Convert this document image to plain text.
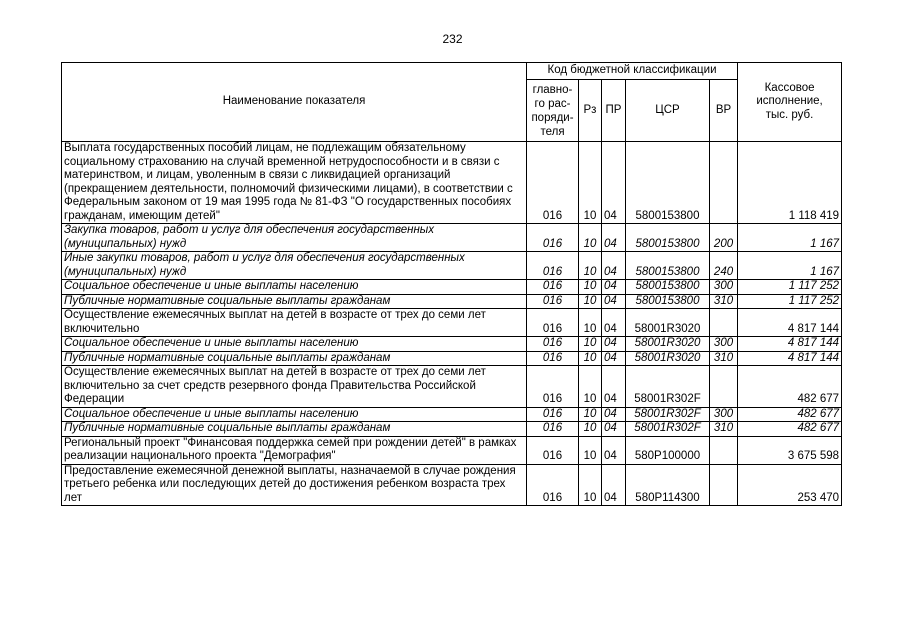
232
Наименование показателя	Код бюджетной классификации					Кассовое исполнение, тыс. руб.
	главно-
го рас-
поряди-
теля	Рз	ПР	ЦСР	ВР	
Выплата государственных пособий лицам, не подлежащим обязательному социальному страхованию на случай временной нетрудоспособности и в связи с материнством, и лицам, уволенным в связи с ликвидацией организаций (прекращением деятельности, полномочий физическими лицами), в соответствии с Федеральным законом от 19 мая 1995 года № 81-ФЗ "О государственных пособиях гражданам, имеющим детей"	016	10	04	5800153800		1 118 419
Закупка товаров, работ и услуг для обеспечения государственных (муниципальных) нужд	016	10	04	5800153800	200	1 167
Иные закупки товаров, работ и услуг для обеспечения государственных (муниципальных) нужд	016	10	04	5800153800	240	1 167
Социальное обеспечение и иные выплаты населению	016	10	04	5800153800	300	1 117 252
Публичные нормативные социальные выплаты гражданам	016	10	04	5800153800	310	1 117 252
Осуществление ежемесячных выплат на детей в возрасте от трех до семи лет включительно	016	10	04	58001R3020		4 817 144
Социальное обеспечение и иные выплаты населению	016	10	04	58001R3020	300	4 817 144
Публичные нормативные социальные выплаты гражданам	016	10	04	58001R3020	310	4 817 144
Осуществление ежемесячных выплат на детей в возрасте от трех до семи лет включительно за счет средств резервного фонда Правительства Российской Федерации	016	10	04	58001R302F		482 677
Социальное обеспечение и иные выплаты населению	016	10	04	58001R302F	300	482 677
Публичные нормативные социальные выплаты гражданам	016	10	04	58001R302F	310	482 677
Региональный проект "Финансовая поддержка семей при рождении детей" в рамках реализации национального проекта "Демография"	016	10	04	580P100000		3 675 598
Предоставление ежемесячной денежной выплаты, назначаемой в случае рождения третьего ребенка или последующих детей до достижения ребенком возраста трех лет	016	10	04	580P114300		253 470
